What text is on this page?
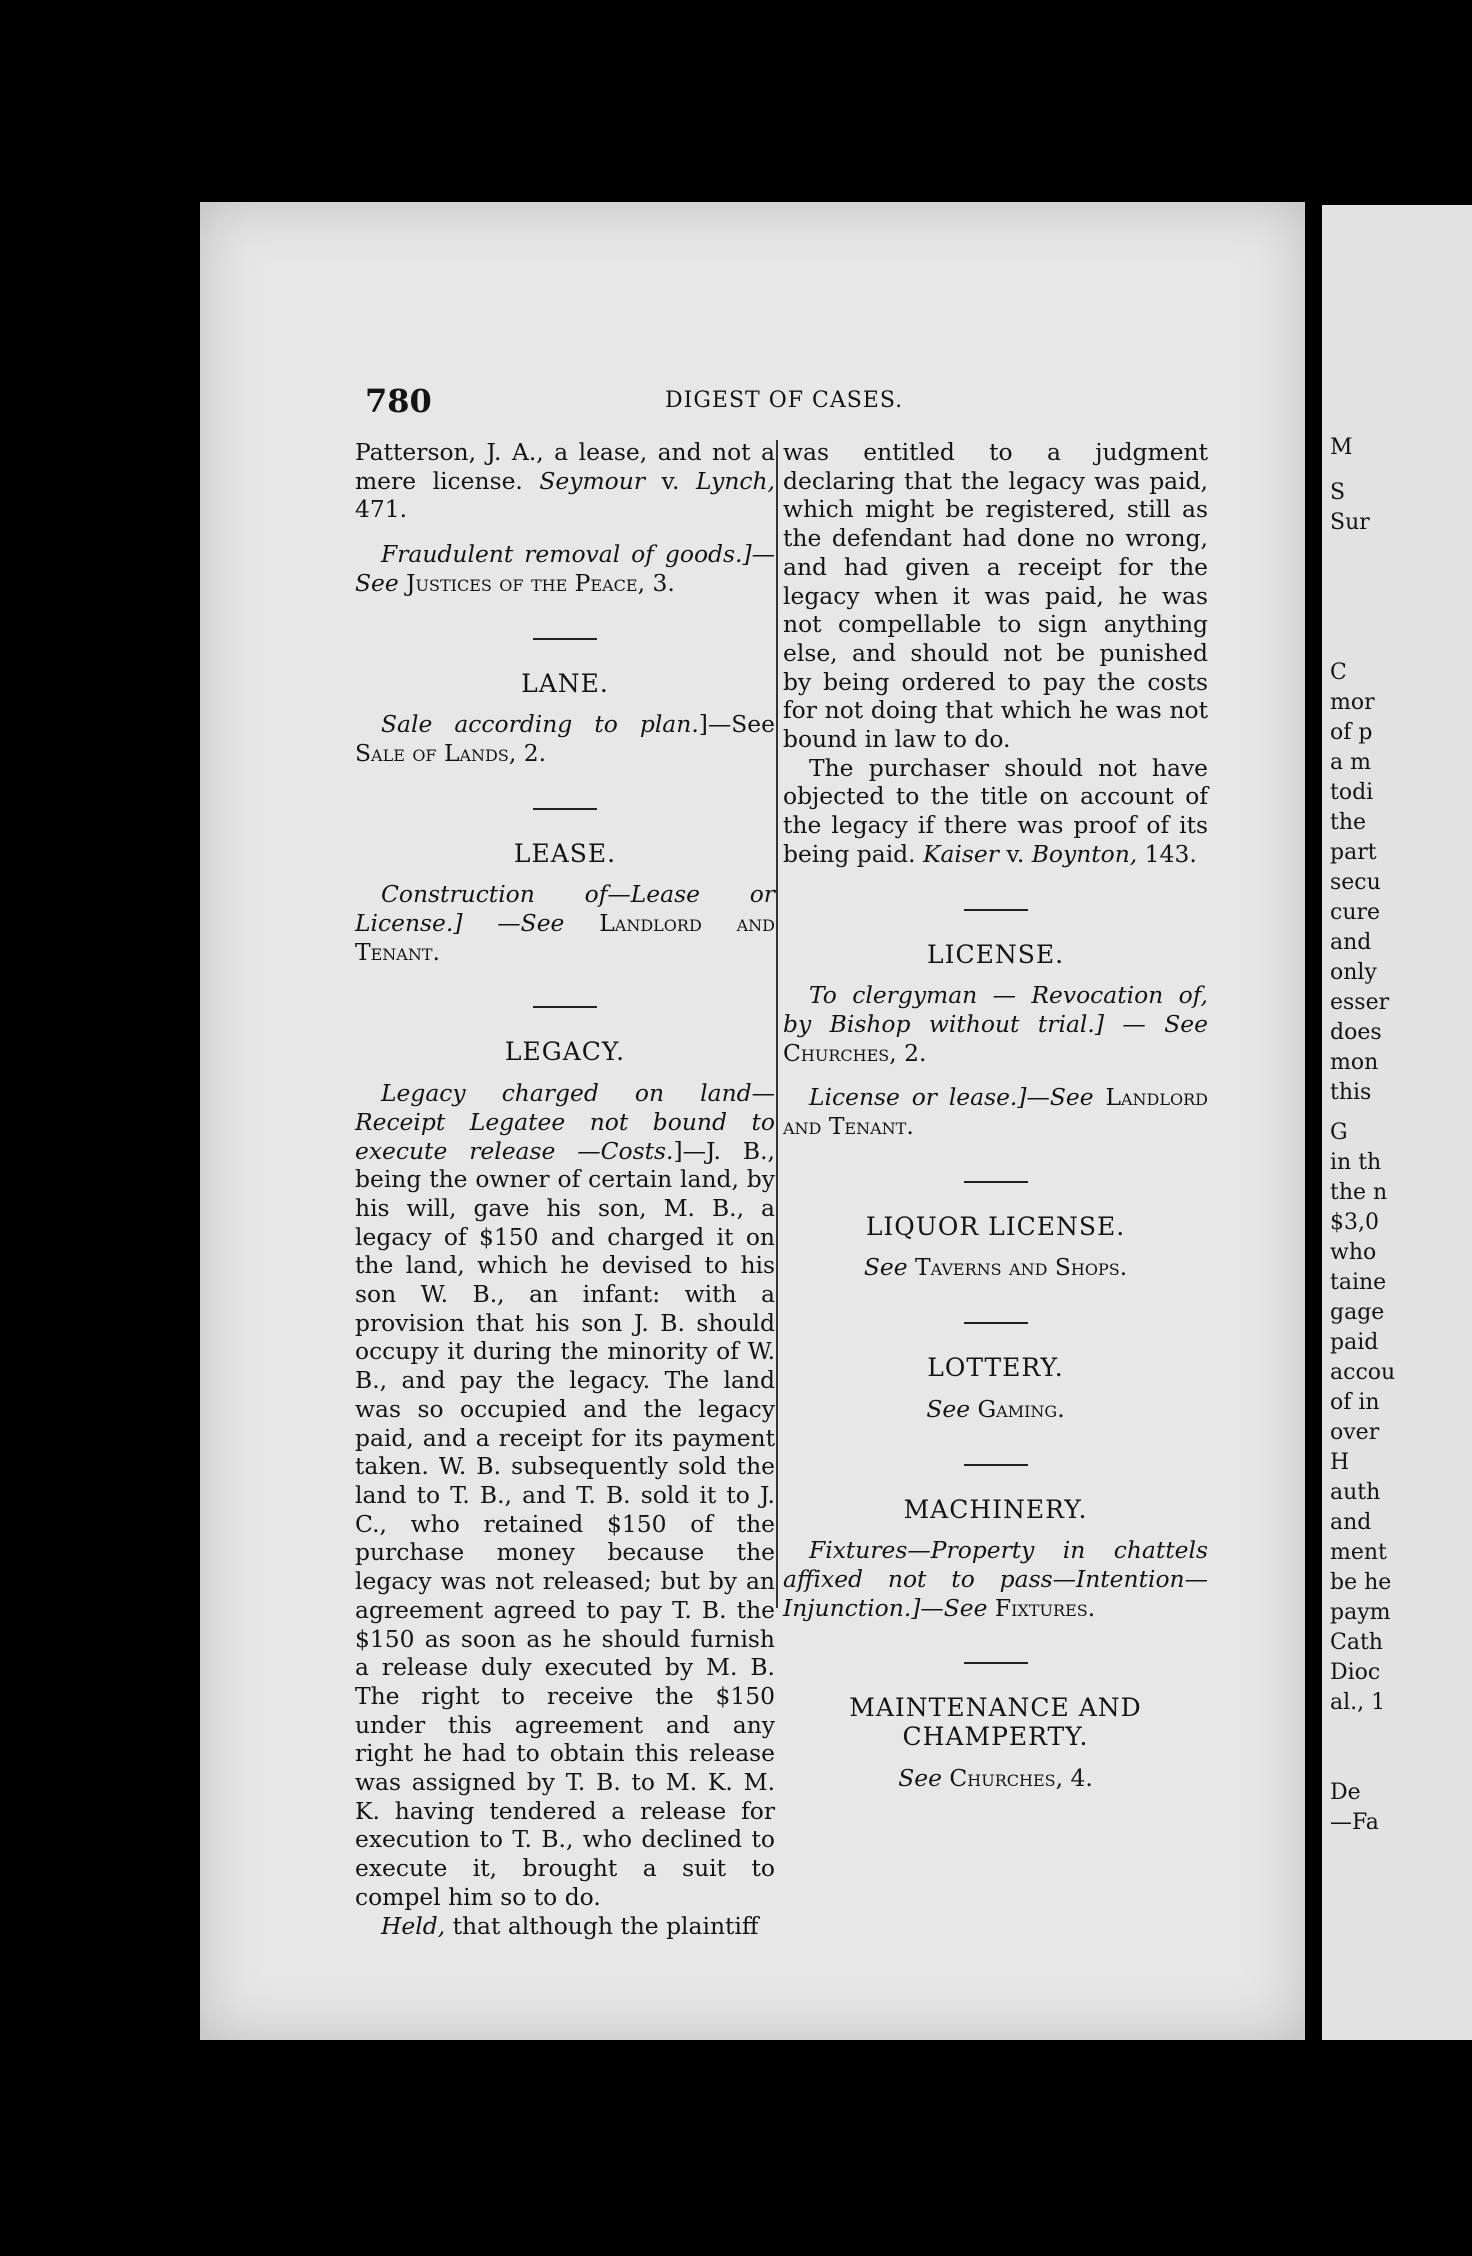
780	DIGEST OF CASES.

Patterson, J. A., a lease, and not a mere license. Seymour v. Lynch, 471.

Fraudulent removal of goods.]—See Justices of the Peace, 3.

LANE.

Sale according to plan.]—See Sale of Lands, 2.

LEASE.

Construction of—Lease or License.] —See Landlord and Tenant.

LEGACY.

Legacy charged on land—Receipt Legatee not bound to execute release —Costs.]—J. B., being the owner of certain land, by his will, gave his son, M. B., a legacy of $150 and charged it on the land, which he devised to his son W. B., an infant: with a provision that his son J. B. should occupy it during the minority of W. B., and pay the legacy. The land was so occupied and the legacy paid, and a receipt for its payment taken. W. B. subsequently sold the land to T. B., and T. B. sold it to J. C., who retained $150 of the purchase money because the legacy was not released; but by an agreement agreed to pay T. B. the $150 as soon as he should furnish a release duly executed by M. B. The right to receive the $150 under this agreement and any right he had to obtain this release was assigned by T. B. to M. K. M. K. having tendered a release for execution to T. B., who declined to execute it, brought a suit to compel him so to do.

Held, that although the plaintiff

was entitled to a judgment declaring that the legacy was paid, which might be registered, still as the defendant had done no wrong, and had given a receipt for the legacy when it was paid, he was not compellable to sign anything else, and should not be punished by being ordered to pay the costs for not doing that which he was not bound in law to do.

The purchaser should not have objected to the title on account of the legacy if there was proof of its being paid. Kaiser v. Boynton, 143.

LICENSE.

To clergyman — Revocation of, by Bishop without trial.] — See Churches, 2.

License or lease.]—See Landlord and Tenant.

LIQUOR LICENSE.

See Taverns and Shops.

LOTTERY.

See Gaming.

MACHINERY.

Fixtures—Property in chattels affixed not to pass—Intention—Injunction.]—See Fixtures.

MAINTENANCE AND CHAMPERTY.

See Churches, 4.

M
S
Sur
C
mor
of p
a m
todi
the
part
secu
cure
and
only
esser
does
mon
this
G
in th
the n
$3,0
who
taine
gage
paid
accou
of in
over
H
auth
and
ment
be he
paym
Cath
Dioc
al., 1
De
—Fa
